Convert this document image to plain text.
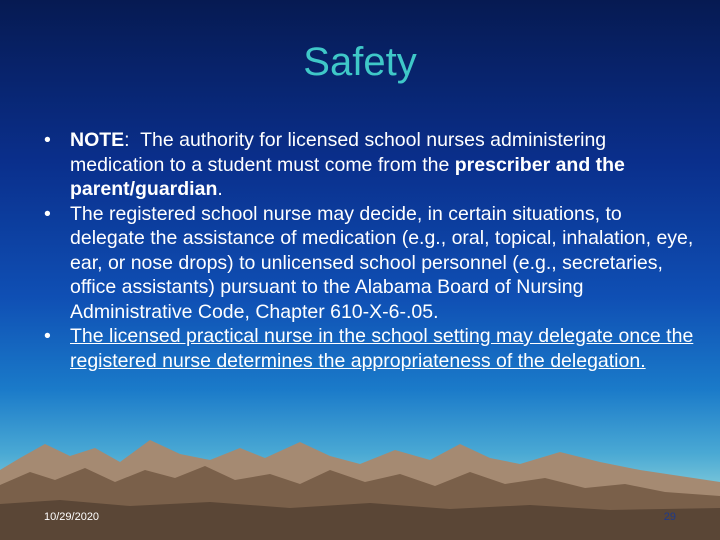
Safety
• NOTE:  The authority for licensed school nurses administering medication to a student must come from the prescriber and the parent/guardian.
• The registered school nurse may decide, in certain situations, to delegate the assistance of medication (e.g., oral, topical, inhalation, eye, ear, or nose drops) to unlicensed school personnel (e.g., secretaries, office assistants) pursuant to the Alabama Board of Nursing Administrative Code, Chapter 610-X-6-.05.
• The licensed practical nurse in the school setting may delegate once the registered nurse determines the appropriateness of the delegation.
10/29/2020	29
